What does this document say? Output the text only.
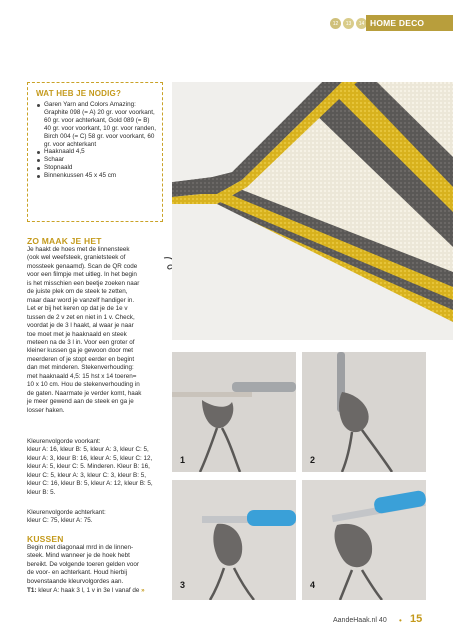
12	13	14 HOME DECO
WAT HEB JE NODIG?
Garen Yarn and Colors Amazing: Graphite 098 (= A) 20 gr. voor voorkant, 60 gr. voor achterkant, Gold 089 (= B) 40 gr. voor voorkant, 10 gr. voor randen, Birch 004 (= C) 58 gr. voor voorkant, 60 gr. voor achterkant
Haaknaald 4,5
Schaar
Stopnaald
Binnenkussen 45 x 45 cm
ZO MAAK JE HET
Je haakt de hoes met de linnensteek
(ook wel weefsteek, granietsteek of
mossteek genaamd). Scan de QR code
voor een filmpje met uitleg. In het begin
is het misschien een beetje zoeken naar
de juiste plek om de steek te zetten,
maar daar word je vanzelf handiger in.
Let er bij het keren op dat je de 1e v
tussen de 2 v zet en niet in 1 v. Check,
voordat je de 3 l haakt, al waar je naar
toe moet met je haaknaald en steek
meteen na de 3 l in. Voor een groter of
kleiner kussen ga je gewoon door met
meerderen of je stopt eerder en begint
dan met minderen. Stekenverhouding:
met haaknaald 4,5: 15 hst x 14 toeren=
10 x 10 cm. Hou de stekenverhouding in
de gaten. Naarmate je verder komt, haak
je meer gewend aan de steek en ga je
losser haken.
1	2
3	4
Kleurenvolgorde voorkant:
kleur A: 16, kleur B: 5, kleur A: 3, kleur C: 5,
kleur A: 3, kleur B: 16, kleur A: 5, kleur C: 12,
kleur A: 5, kleur C: 5. Minderen. Kleur B: 16,
kleur C: 5, kleur A: 3, kleur C: 3, kleur B: 5,
kleur C: 16, kleur B: 5, kleur A: 12, kleur B: 5,
kleur B: 5.
Kleurenvolgorde achterkant:
kleur C: 75, kleur A: 75.
KUSSEN
Begin met diagonaal mrd in de linnen-
steek. Mind wanneer je de hoek hebt
bereikt. De volgende toeren gelden voor
de voor- en achterkant. Houd hierbij
bovenstaande kleurvolgordes aan.
T1: kleur A: haak 3 l, 1 v in 3e l vanaf de »
AandeHaak.nl 40 • 15
